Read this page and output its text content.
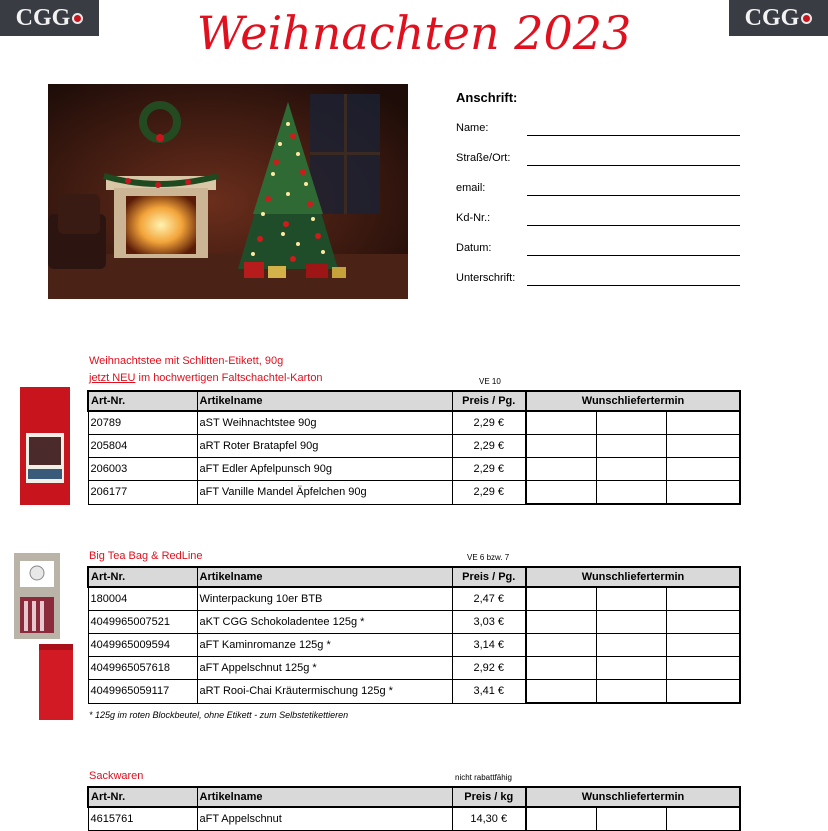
CGG	CGG
Weihnachten 2023
Anschrift:
Name:
Straße/Ort:
email:
Kd-Nr.:
Datum:
Unterschrift:
Weihnachtstee mit Schlitten-Etikett, 90g
jetzt NEU im hochwertigen Faltschachtel-Karton	VE 10
Art-Nr.	Artikelname	Preis / Pg.	Wunschliefertermin		
20789	aST Weihnachtstee 90g	2,29 €			
205804	aRT Roter Bratapfel 90g	2,29 €			
206003	aFT Edler Apfelpunsch 90g	2,29 €			
206177	aFT Vanille Mandel Äpfelchen 90g	2,29 €			
Big Tea Bag & RedLine	VE 6 bzw. 7
Art-Nr.	Artikelname	Preis / Pg.	Wunschliefertermin		
180004	Winterpackung 10er BTB	2,47 €			
4049965007521	aKT CGG Schokoladentee 125g *	3,03 €			
4049965009594	aFT Kaminromanze 125g *	3,14 €			
4049965057618	aFT Appelschnut 125g *	2,92 €			
4049965059117	aRT Rooi-Chai Kräutermischung 125g *	3,41 €			
* 125g im roten Blockbeutel, ohne Etikett - zum Selbstetikettieren
Sackwaren	nicht rabattfähig
Art-Nr.	Artikelname	Preis / kg	Wunschliefertermin		
4615761	aFT Appelschnut	14,30 €			
